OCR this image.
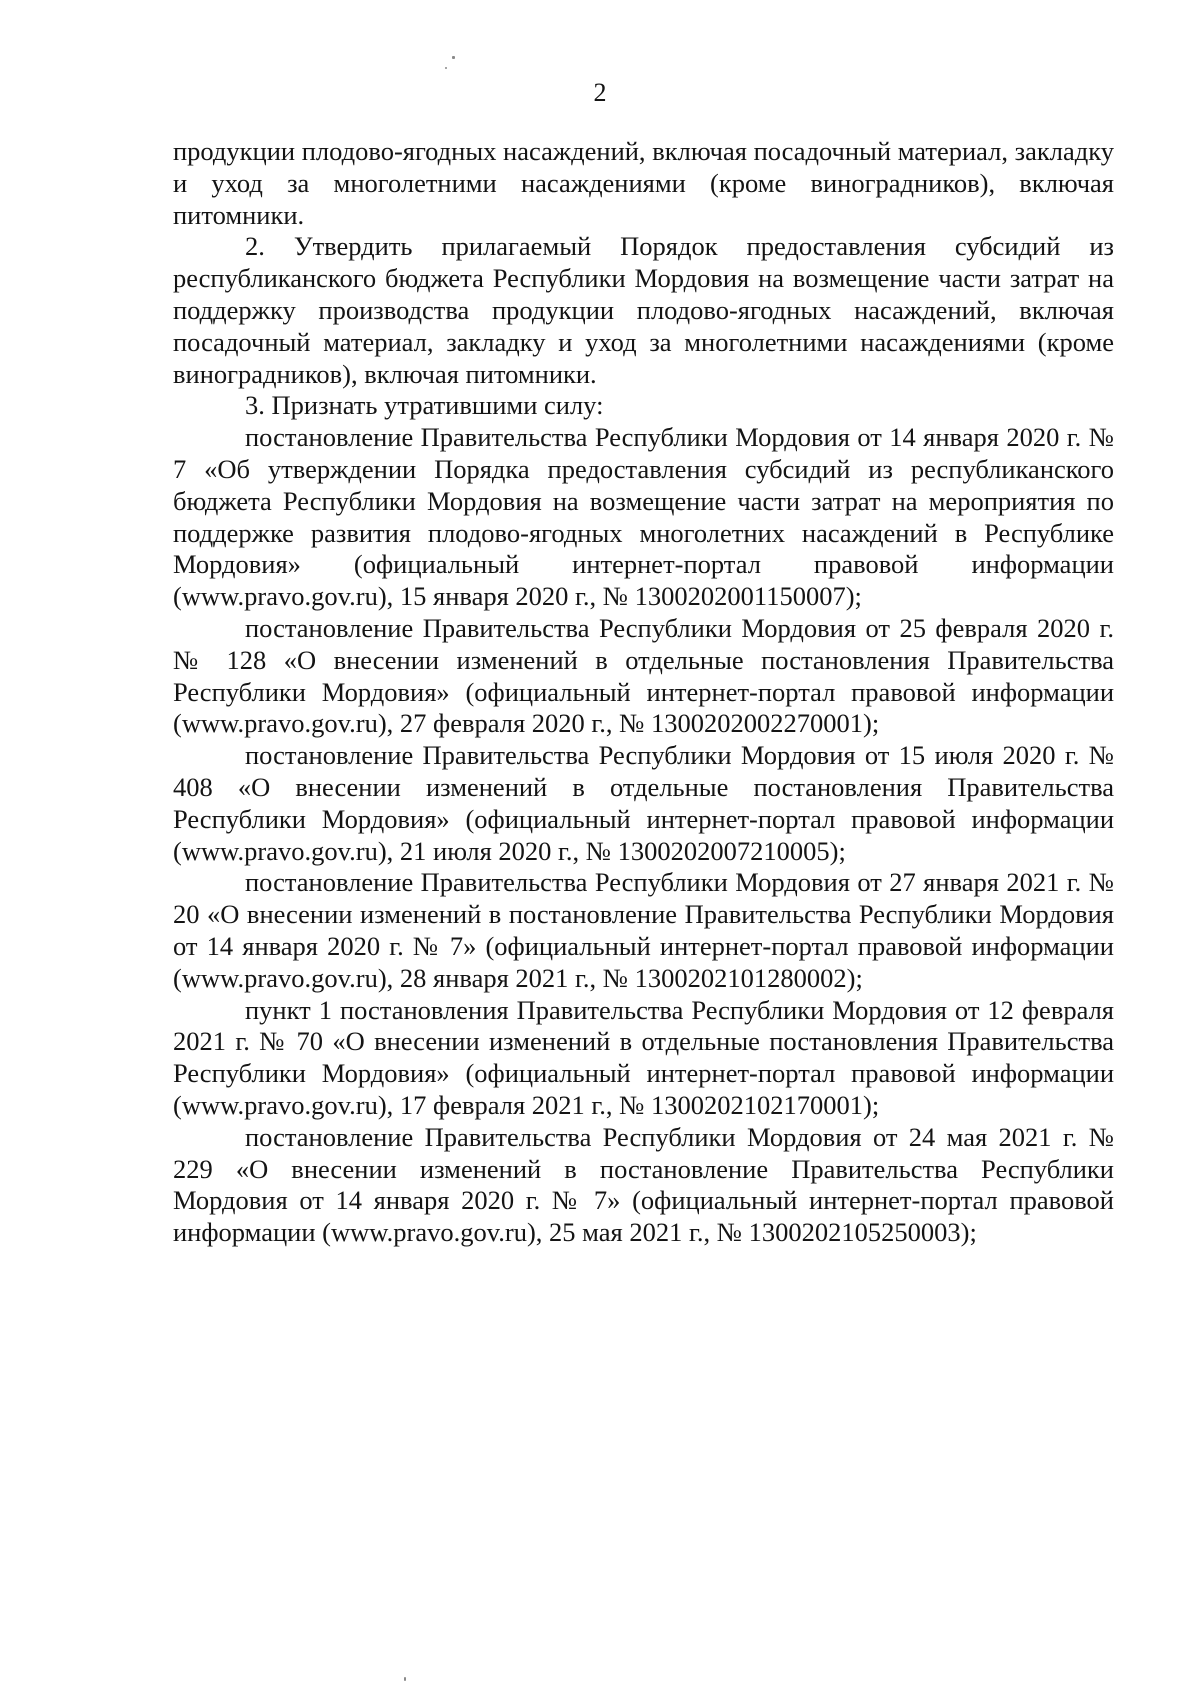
2

продукции плодово-ягодных насаждений, включая посадочный материал, закладку и уход за многолетними насаждениями (кроме виноградников), включая питомники.

2. Утвердить прилагаемый Порядок предоставления субсидий из республиканского бюджета Республики Мордовия на возмещение части затрат на поддержку производства продукции плодово-ягодных насаждений, включая посадочный материал, закладку и уход за многолетними насаждениями (кроме виноградников), включая питомники.

3. Признать утратившими силу:

постановление Правительства Республики Мордовия от 14 января 2020 г. № 7 «Об утверждении Порядка предоставления субсидий из республиканского бюджета Республики Мордовия на возмещение части затрат на мероприятия по поддержке развития плодово-ягодных многолетних насаждений в Республике Мордовия» (официальный интернет-портал правовой информации (www.pravo.gov.ru), 15 января 2020 г., № 1300202001150007);

постановление Правительства Республики Мордовия от 25 февраля 2020 г. № 128 «О внесении изменений в отдельные постановления Правительства Республики Мордовия» (официальный интернет-портал правовой информации (www.pravo.gov.ru), 27 февраля 2020 г., № 1300202002270001);

постановление Правительства Республики Мордовия от 15 июля 2020 г. № 408 «О внесении изменений в отдельные постановления Правительства Республики Мордовия» (официальный интернет-портал правовой информации (www.pravo.gov.ru), 21 июля 2020 г., № 1300202007210005);

постановление Правительства Республики Мордовия от 27 января 2021 г. № 20 «О внесении изменений в постановление Правительства Республики Мордовия от 14 января 2020 г. № 7» (официальный интернет-портал правовой информации (www.pravo.gov.ru), 28 января 2021 г., № 1300202101280002);

пункт 1 постановления Правительства Республики Мордовия от 12 февраля 2021 г. № 70 «О внесении изменений в отдельные постановления Правительства Республики Мордовия» (официальный интернет-портал правовой информации (www.pravo.gov.ru), 17 февраля 2021 г., № 1300202102170001);

постановление Правительства Республики Мордовия от 24 мая 2021 г. № 229 «О внесении изменений в постановление Правительства Республики Мордовия от 14 января 2020 г. № 7» (официальный интернет-портал правовой информации (www.pravo.gov.ru), 25 мая 2021 г., № 1300202105250003);
